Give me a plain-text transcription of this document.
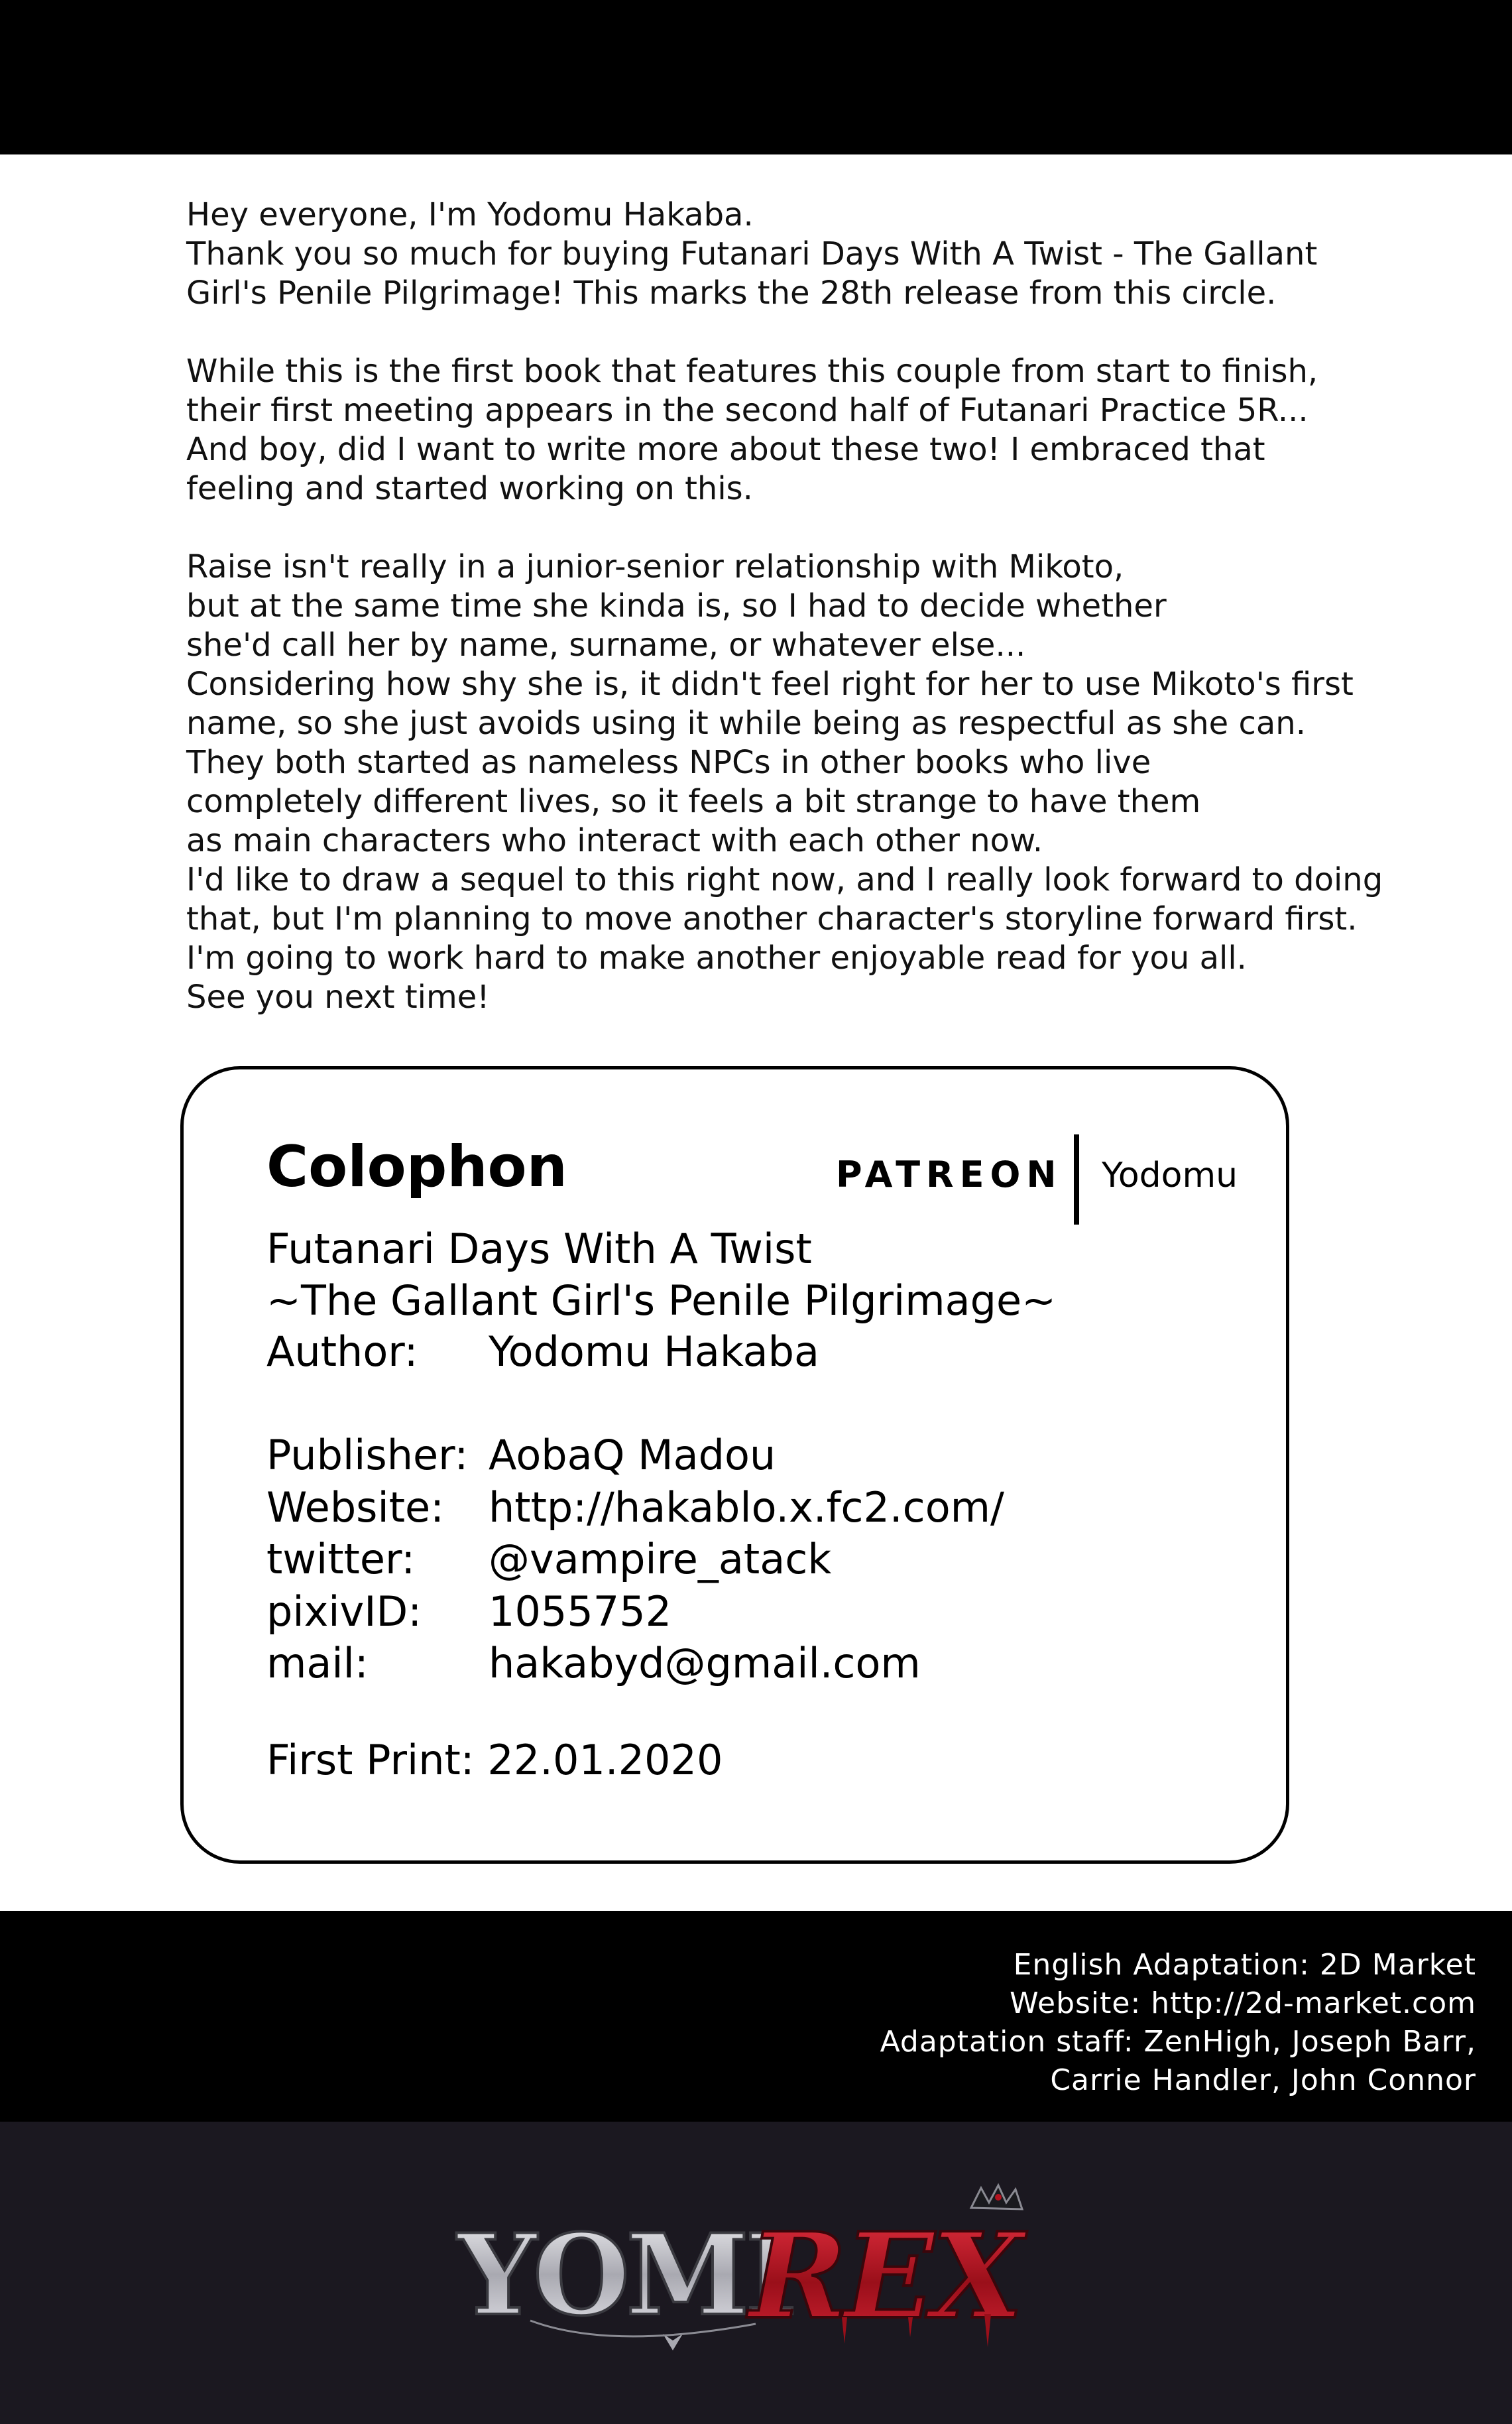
Hey everyone, I'm Yodomu Hakaba.
Thank you so much for buying Futanari Days With A Twist - The Gallant
Girl's Penile Pilgrimage! This marks the 28th release from this circle.
While this is the first book that features this couple from start to finish,
their first meeting appears in the second half of Futanari Practice 5R...
And boy, did I want to write more about these two! I embraced that
feeling and started working on this.
Raise isn't really in a junior-senior relationship with Mikoto,
but at the same time she kinda is, so I had to decide whether
she'd call her by name, surname, or whatever else...
Considering how shy she is, it didn't feel right for her to use Mikoto's first
name, so she just avoids using it while being as respectful as she can.
They both started as nameless NPCs in other books who live
completely different lives, so it feels a bit strange to have them
as main characters who interact with each other now.
I'd like to draw a sequel to this right now, and I really look forward to doing
that, but I'm planning to move another character's storyline forward first.
I'm going to work hard to make another enjoyable read for you all.
See you next time!
Colophon	PATREON Yodomu
Futanari Days With A Twist
~The Gallant Girl's Penile Pilgrimage~
Author: Yodomu Hakaba
Publisher: AobaQ Madou
Website: http://hakablo.x.fc2.com/
twitter: @vampire_atack
pixivID: 1055752
mail:	hakabyd@gmail.com
First Print: 22.01.2020
English Adaptation: 2D Market
Website: http://2d-market.com
Adaptation staff: ZenHigh, Joseph Barr,
Carrie Handler, John Connor
YOMI
REX
